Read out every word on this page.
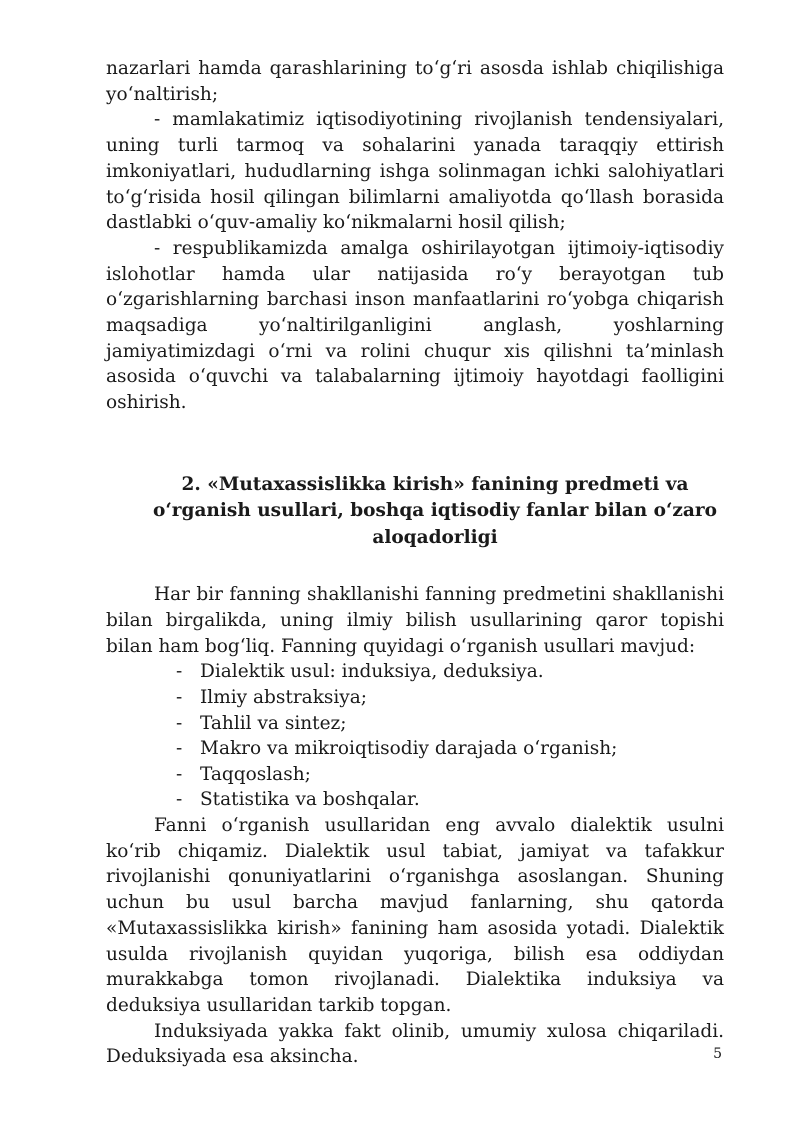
nazarlari hamda qarashlarining to‘g‘ri asosda ishlab chiqilishiga yo‘naltirish;

- mamlakatimiz iqtisodiyotining rivojlanish tendensiyalari, uning turli tarmoq va sohalarini yanada taraqqiy ettirish imkoniyatlari, hududlarning ishga solinmagan ichki salohiyatlari to‘g‘risida hosil qilingan bilimlarni amaliyotda qo‘llash borasida dastlabki o‘quv-amaliy ko‘nikmalarni hosil qilish;

- respublikamizda amalga oshirilayotgan ijtimoiy-iqtisodiy islohotlar hamda ular natijasida ro‘y berayotgan tub o‘zgarishlarning barchasi inson manfaatlarini ro‘yobga chiqarish maqsadiga yo‘naltirilganligini anglash, yoshlarning jamiyatimizdagi o‘rni va rolini chuqur xis qilishni ta’minlash asosida o‘quvchi va talabalarning ijtimoiy hayotdagi faolligini oshirish.

2. «Mutaxassislikka kirish» fanining predmeti va
o‘rganish usullari, boshqa iqtisodiy fanlar bilan o‘zaro
aloqadorligi

Har bir fanning shakllanishi fanning predmetini shakllanishi bilan birgalikda, uning ilmiy bilish usullarining qaror topishi bilan ham bog‘liq. Fanning quyidagi o‘rganish usullari mavjud:

- Dialektik usul: induksiya, deduksiya.
- Ilmiy abstraksiya;
- Tahlil va sintez;
- Makro va mikroiqtisodiy darajada o‘rganish;
- Taqqoslash;
- Statistika va boshqalar.

Fanni o‘rganish usullaridan eng avvalo dialektik usulni ko‘rib chiqamiz. Dialektik usul tabiat, jamiyat va tafakkur rivojlanishi qonuniyatlarini o‘rganishga asoslangan. Shuning uchun bu usul barcha mavjud fanlarning, shu qatorda «Mutaxassislikka kirish» fanining ham asosida yotadi. Dialektik usulda rivojlanish quyidan yuqoriga, bilish esa oddiydan murakkabga tomon rivojlanadi. Dialektika induksiya va deduksiya usullaridan tarkib topgan.

Induksiyada yakka fakt olinib, umumiy xulosa chiqariladi. Deduksiyada esa aksincha.	5
